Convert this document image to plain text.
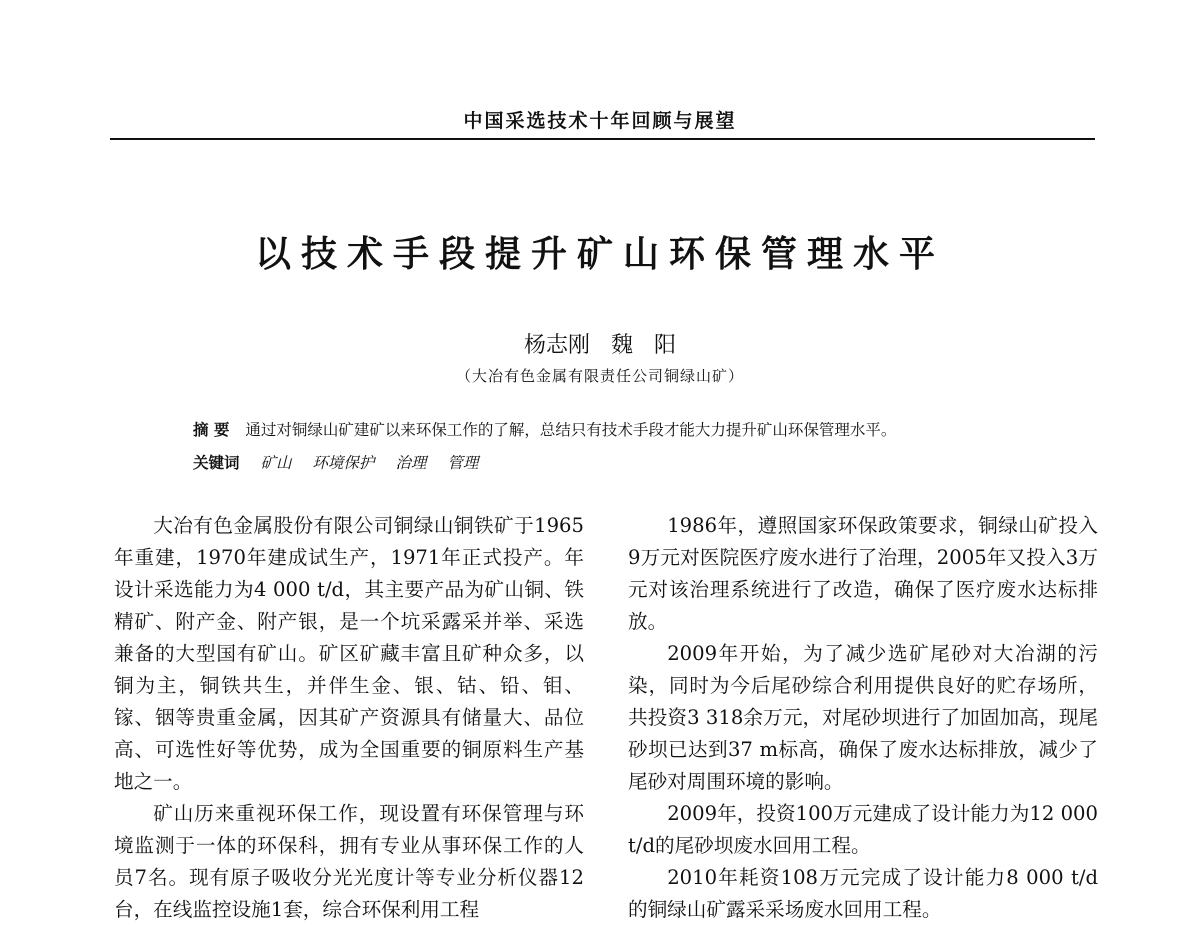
中国采选技术十年回顾与展望
以技术手段提升矿山环保管理水平
杨志刚 魏 阳
（大冶有色金属有限责任公司铜绿山矿）
摘 要 通过对铜绿山矿建矿以来环保工作的了解，总结只有技术手段才能大力提升矿山环保管理水平。
关键词 矿山 环境保护 治理 管理

大冶有色金属股份有限公司铜绿山铜铁矿于1965年重建，1970年建成试生产，1971年正式投产。年设计采选能力为4 000 t/d，其主要产品为矿山铜、铁精矿、附产金、附产银，是一个坑采露采并举、采选兼备的大型国有矿山。矿区矿藏丰富且矿种众多，以铜为主，铜铁共生，并伴生金、银、钴、铅、钼、镓、铟等贵重金属，因其矿产资源具有储量大、品位高、可选性好等优势，成为全国重要的铜原料生产基地之一。

矿山历来重视环保工作，现设置有环保管理与环境监测于一体的环保科，拥有专业从事环保工作的人员7名。现有原子吸收分光光度计等专业分析仪器12台，在线监控设施1套，综合环保利用工程

1986年，遵照国家环保政策要求，铜绿山矿投入9万元对医院医疗废水进行了治理，2005年又投入3万元对该治理系统进行了改造，确保了医疗废水达标排放。

2009年开始，为了减少选矿尾砂对大冶湖的污染，同时为今后尾砂综合利用提供良好的贮存场所，共投资3 318余万元，对尾砂坝进行了加固加高，现尾砂坝已达到37 m标高，确保了废水达标排放，减少了尾砂对周围环境的影响。

2009年，投资100万元建成了设计能力为12 000 t/d的尾砂坝废水回用工程。

2010年耗资108万元完成了设计能力8 000 t/d的铜绿山矿露采采场废水回用工程。
